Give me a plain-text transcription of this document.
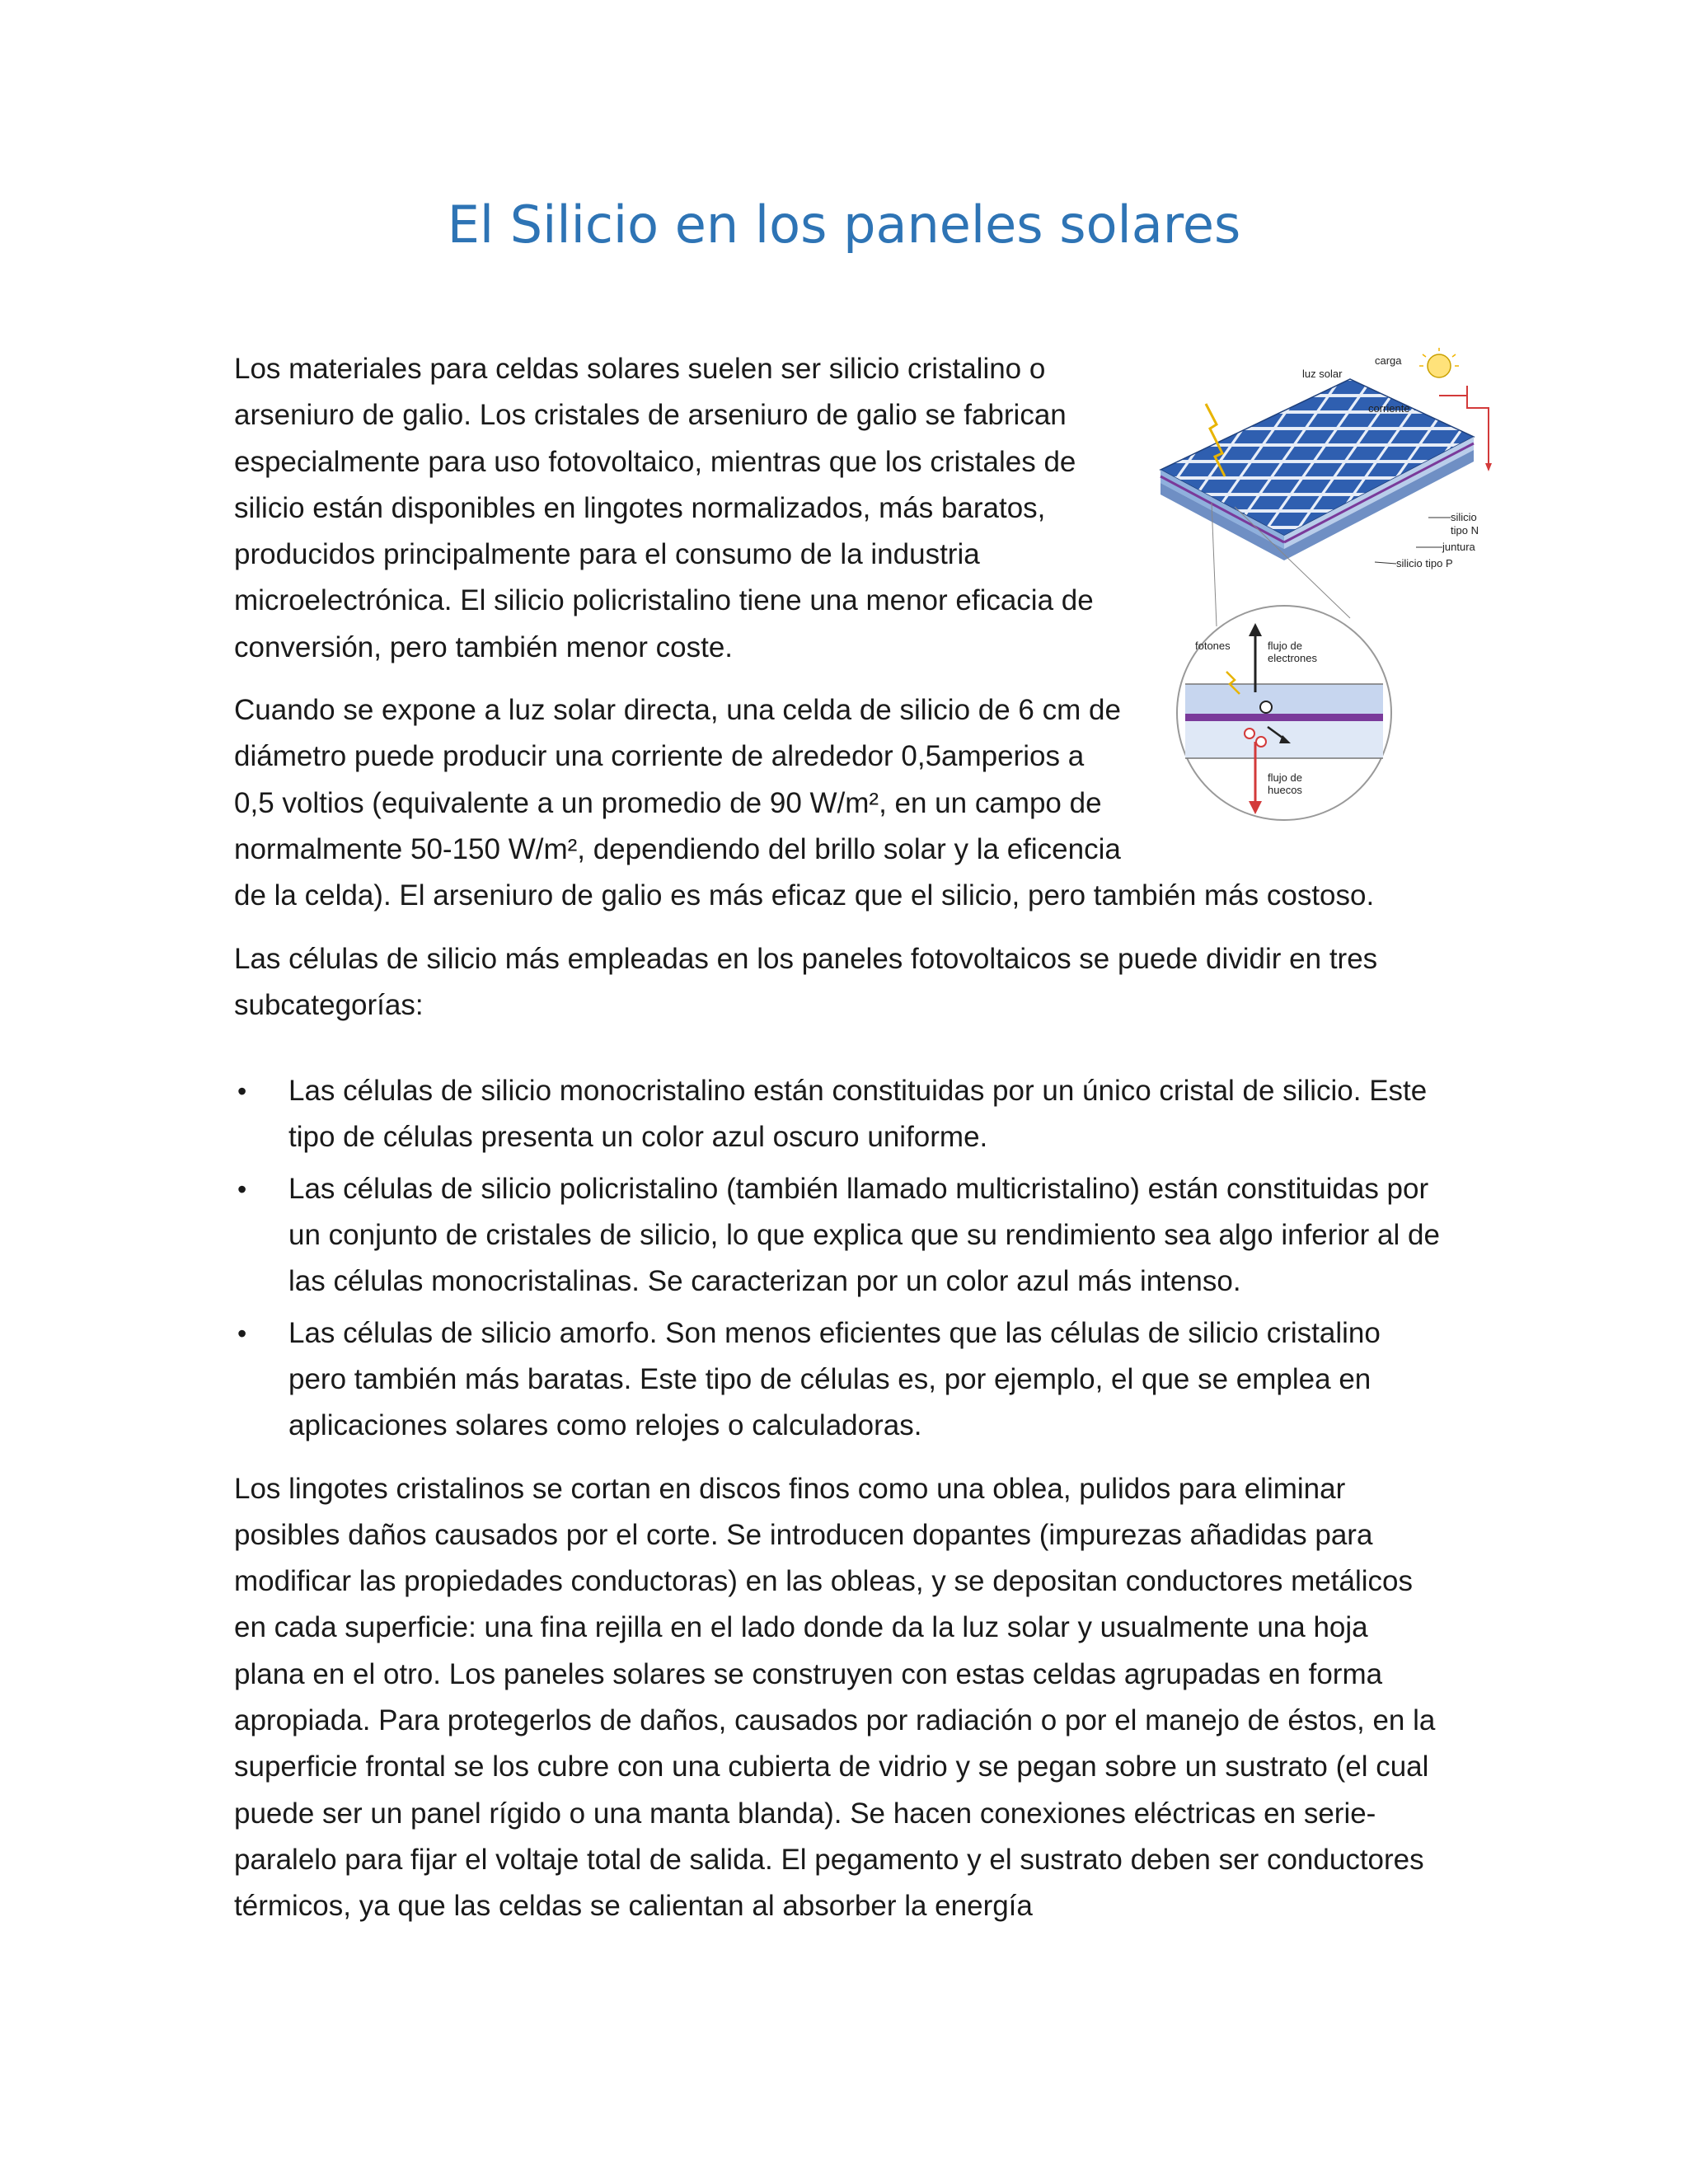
El Silicio en los paneles solares
luz solar
carga
corriente
silicio
tipo N
juntura
silicio tipo P
fotones	flujo de
electrones
flujo de
huecos

Los materiales para celdas solares suelen ser silicio cristalino o arseniuro de galio. Los cristales de arseniuro de galio se fabrican especialmente para uso fotovoltaico, mientras que los cristales de silicio están disponibles en lingotes normalizados, más baratos, producidos principalmente para el consumo de la industria microelectrónica. El silicio policristalino tiene una menor eficacia de conversión, pero también menor coste.

Cuando se expone a luz solar directa, una celda de silicio de 6 cm de diámetro puede producir una corriente de alrededor 0,5amperios a 0,5 voltios (equivalente a un promedio de 90 W/m², en un campo de normalmente 50-150 W/m², dependiendo del brillo solar y la eficencia de la celda). El arseniuro de galio es más eficaz que el silicio, pero también más costoso.

Las células de silicio más empleadas en los paneles fotovoltaicos se puede dividir en tres subcategorías:

• Las células de silicio monocristalino están constituidas por un único cristal de silicio. Este tipo de células presenta un color azul oscuro uniforme.
• Las células de silicio policristalino (también llamado multicristalino) están constituidas por un conjunto de cristales de silicio, lo que explica que su rendimiento sea algo inferior al de las células monocristalinas. Se caracterizan por un color azul más intenso.
• Las células de silicio amorfo. Son menos eficientes que las células de silicio cristalino pero también más baratas. Este tipo de células es, por ejemplo, el que se emplea en aplicaciones solares como relojes o calculadoras.

Los lingotes cristalinos se cortan en discos finos como una oblea, pulidos para eliminar posibles daños causados por el corte. Se introducen dopantes (impurezas añadidas para modificar las propiedades conductoras) en las obleas, y se depositan conductores metálicos en cada superficie: una fina rejilla en el lado donde da la luz solar y usualmente una hoja plana en el otro. Los paneles solares se construyen con estas celdas agrupadas en forma apropiada. Para protegerlos de daños, causados por radiación o por el manejo de éstos, en la superficie frontal se los cubre con una cubierta de vidrio y se pegan sobre un sustrato (el cual puede ser un panel rígido o una manta blanda). Se hacen conexiones eléctricas en serie-paralelo para fijar el voltaje total de salida. El pegamento y el sustrato deben ser conductores térmicos, ya que las celdas se calientan al absorber la energía
